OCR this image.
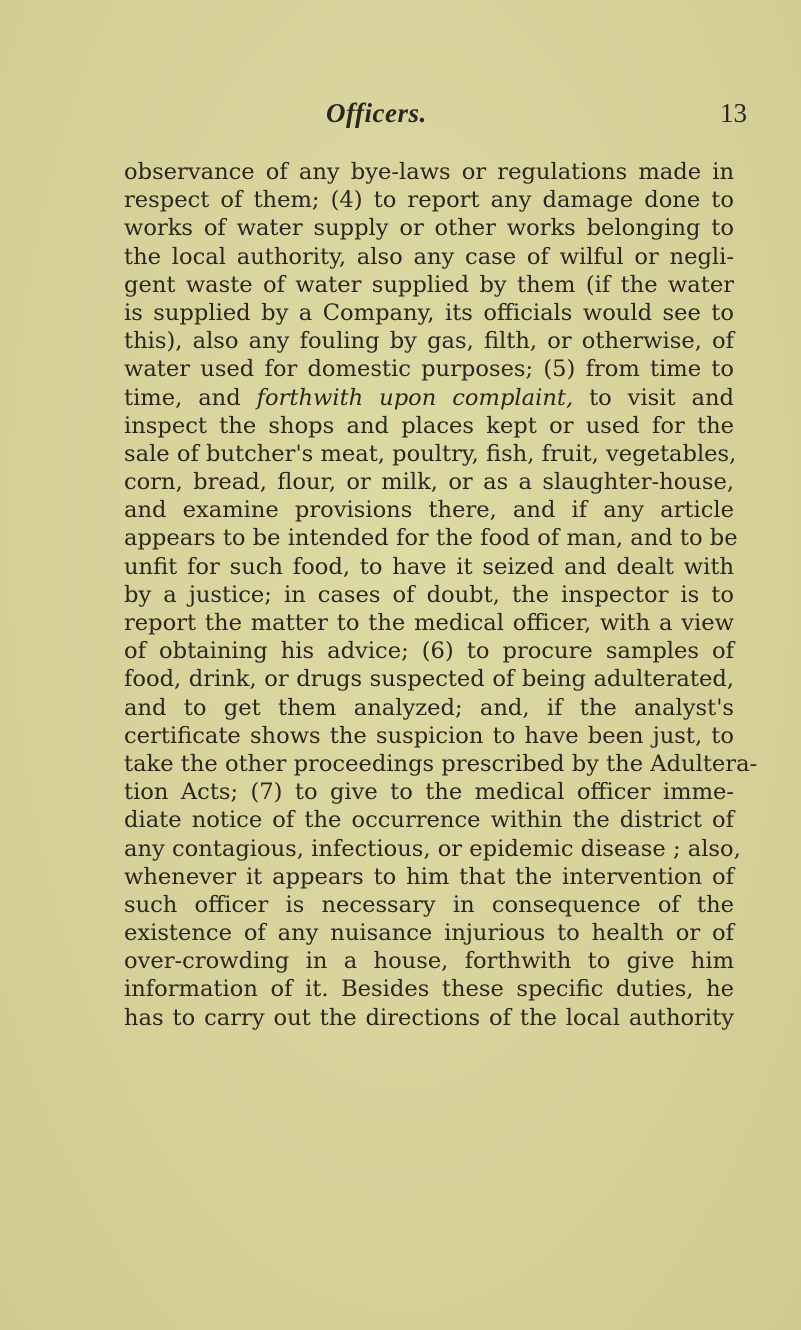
Officers.	13
observance of any bye-laws or regulations made in
respect of them; (4) to report any damage done to
works of water supply or other works belonging to
the local authority, also any case of wilful or negli-
gent waste of water supplied by them (if the water
is supplied by a Company, its officials would see to
this), also any fouling by gas, filth, or otherwise, of
water used for domestic purposes; (5) from time to
time, and forthwith upon complaint, to visit and
inspect the shops and places kept or used for the
sale of butcher's meat, poultry, fish, fruit, vegetables,
corn, bread, flour, or milk, or as a slaughter-house,
and examine provisions there, and if any article
appears to be intended for the food of man, and to be
unfit for such food, to have it seized and dealt with
by a justice; in cases of doubt, the inspector is to
report the matter to the medical officer, with a view
of obtaining his advice; (6) to procure samples of
food, drink, or drugs suspected of being adulterated,
and to get them analyzed; and, if the analyst's
certificate shows the suspicion to have been just, to
take the other proceedings prescribed by the Adultera-
tion Acts; (7) to give to the medical officer imme-
diate notice of the occurrence within the district of
any contagious, infectious, or epidemic disease ; also,
whenever it appears to him that the intervention of
such officer is necessary in consequence of the
existence of any nuisance injurious to health or of
over-crowding in a house, forthwith to give him
information of it. Besides these specific duties, he
has to carry out the directions of the local authority
